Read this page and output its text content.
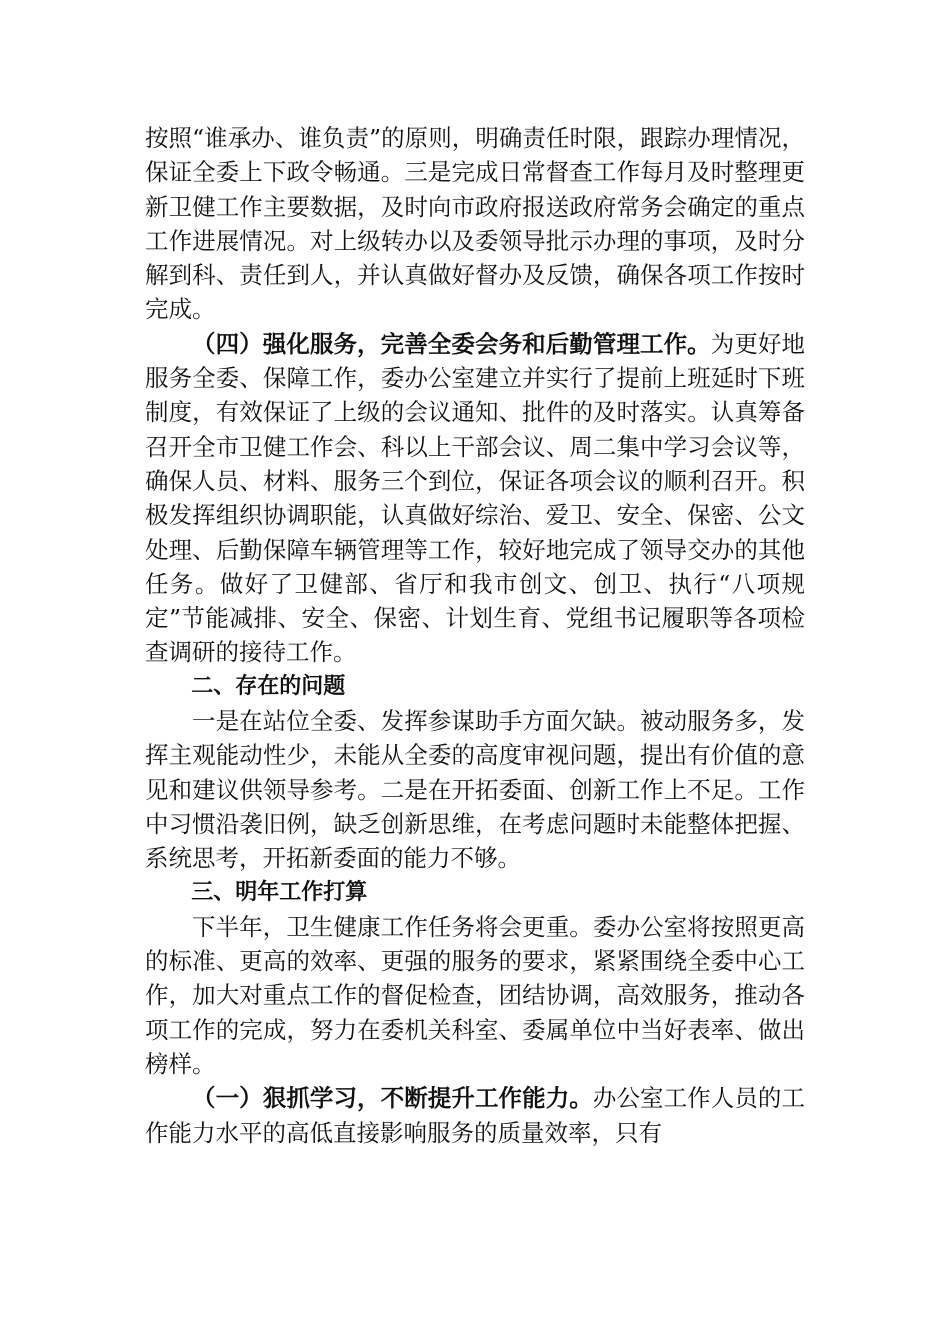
按照“谁承办、谁负责”的原则，明确责任时限，跟踪办理情况，保证全委上下政令畅通。三是完成日常督查工作每月及时整理更新卫健工作主要数据，及时向市政府报送政府常务会确定的重点工作进展情况。对上级转办以及委领导批示办理的事项，及时分解到科、责任到人，并认真做好督办及反馈，确保各项工作按时完成。

（四）强化服务，完善全委会务和后勤管理工作。为更好地服务全委、保障工作，委办公室建立并实行了提前上班延时下班制度，有效保证了上级的会议通知、批件的及时落实。认真筹备召开全市卫健工作会、科以上干部会议、周二集中学习会议等，确保人员、材料、服务三个到位，保证各项会议的顺利召开。积极发挥组织协调职能，认真做好综治、爱卫、安全、保密、公文处理、后勤保障车辆管理等工作，较好地完成了领导交办的其他任务。做好了卫健部、省厅和我市创文、创卫、执行“八项规定”节能减排、安全、保密、计划生育、党组书记履职等各项检查调研的接待工作。

二、存在的问题

一是在站位全委、发挥参谋助手方面欠缺。被动服务多，发挥主观能动性少，未能从全委的高度审视问题，提出有价值的意见和建议供领导参考。二是在开拓委面、创新工作上不足。工作中习惯沿袭旧例，缺乏创新思维，在考虑问题时未能整体把握、系统思考，开拓新委面的能力不够。

三、明年工作打算

下半年，卫生健康工作任务将会更重。委办公室将按照更高的标准、更高的效率、更强的服务的要求，紧紧围绕全委中心工作，加大对重点工作的督促检查，团结协调，高效服务，推动各项工作的完成，努力在委机关科室、委属单位中当好表率、做出榜样。

（一）狠抓学习，不断提升工作能力。办公室工作人员的工作能力水平的高低直接影响服务的质量效率，只有
